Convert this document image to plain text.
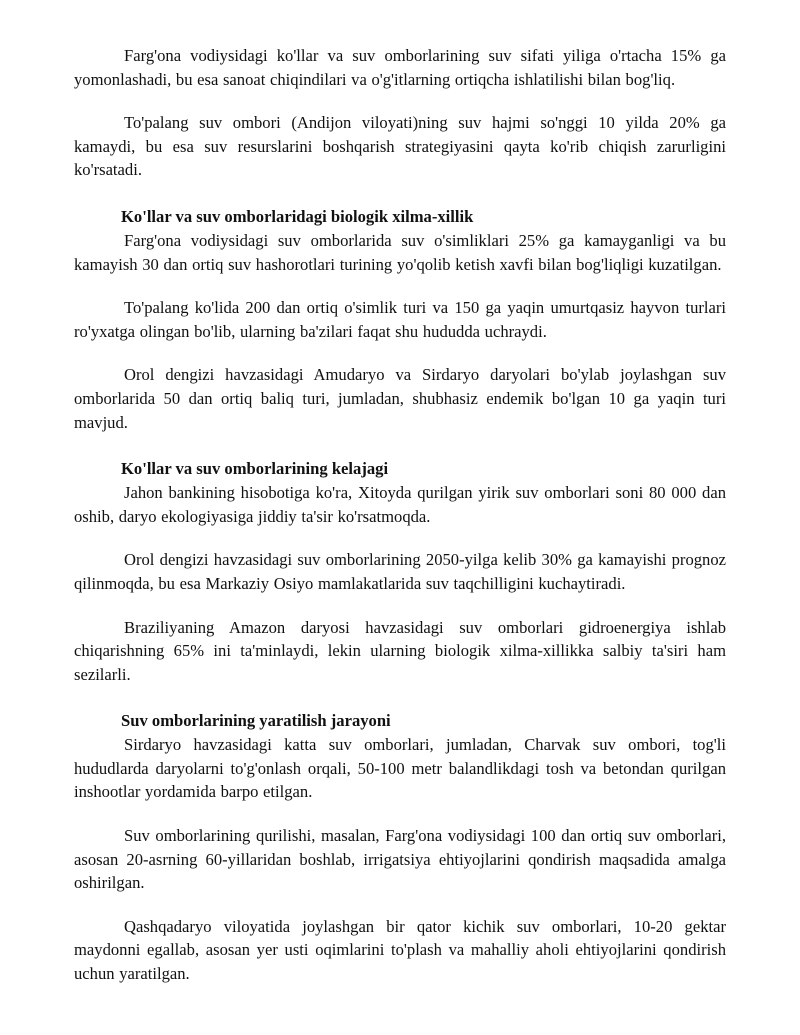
Farg'ona vodiysidagi ko'llar va suv omborlarining suv sifati yiliga o'rtacha 15% ga yomonlashadi, bu esa sanoat chiqindilari va o'g'itlarning ortiqcha ishlatilishi bilan bog'liq.

To'palang suv ombori (Andijon viloyati)ning suv hajmi so'nggi 10 yilda 20% ga kamaydi, bu esa suv resurslarini boshqarish strategiyasini qayta ko'rib chiqish zarurligini ko'rsatadi.

Ko'llar va suv omborlaridagi biologik xilma-xillik

Farg'ona vodiysidagi suv omborlarida suv o'simliklari 25% ga kamayganligi va bu kamayish 30 dan ortiq suv hashorotlari turining yo'qolib ketish xavfi bilan bog'liqligi kuzatilgan.

To'palang ko'lida 200 dan ortiq o'simlik turi va 150 ga yaqin umurtqasiz hayvon turlari ro'yxatga olingan bo'lib, ularning ba'zilari faqat shu hududda uchraydi.

Orol dengizi havzasidagi Amudaryo va Sirdaryo daryolari bo'ylab joylashgan suv omborlarida 50 dan ortiq baliq turi, jumladan, shubhasiz endemik bo'lgan 10 ga yaqin turi mavjud.

Ko'llar va suv omborlarining kelajagi

Jahon bankining hisobotiga ko'ra, Xitoyda qurilgan yirik suv omborlari soni 80 000 dan oshib, daryo ekologiyasiga jiddiy ta'sir ko'rsatmoqda.

Orol dengizi havzasidagi suv omborlarining 2050-yilga kelib 30% ga kamayishi prognoz qilinmoqda, bu esa Markaziy Osiyo mamlakatlarida suv taqchilligini kuchaytiradi.

Braziliyaning Amazon daryosi havzasidagi suv omborlari gidroenergiya ishlab chiqarishning 65% ini ta'minlaydi, lekin ularning biologik xilma-xillikka salbiy ta'siri ham sezilarli.

Suv omborlarining yaratilish jarayoni

Sirdaryo havzasidagi katta suv omborlari, jumladan, Charvak suv ombori, tog'li hududlarda daryolarni to'g'onlash orqali, 50-100 metr balandlikdagi tosh va betondan qurilgan inshootlar yordamida barpo etilgan.

Suv omborlarining qurilishi, masalan, Farg'ona vodiysidagi 100 dan ortiq suv omborlari, asosan 20-asrning 60-yillaridan boshlab, irrigatsiya ehtiyojlarini qondirish maqsadida amalga oshirilgan.

Qashqadaryo viloyatida joylashgan bir qator kichik suv omborlari, 10-20 gektar maydonni egallab, asosan yer usti oqimlarini to'plash va mahalliy aholi ehtiyojlarini qondirish uchun yaratilgan.
